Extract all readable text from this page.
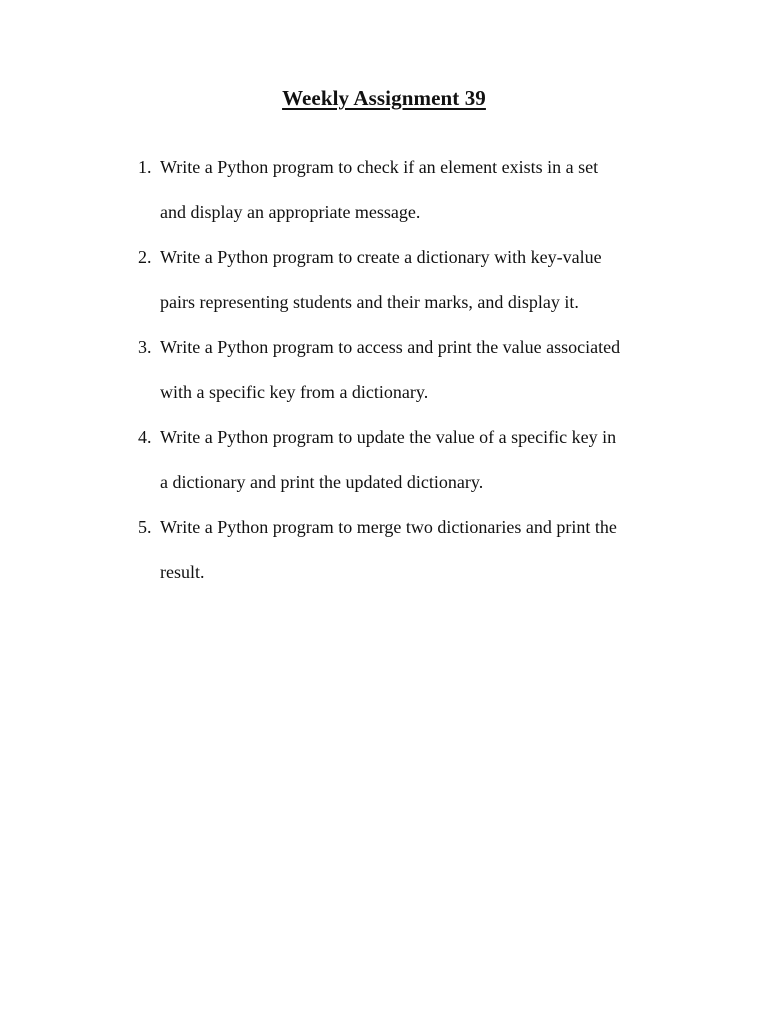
Weekly Assignment 39
1. Write a Python program to check if an element exists in a set
and display an appropriate message.
2. Write a Python program to create a dictionary with key-value
pairs representing students and their marks, and display it.
3. Write a Python program to access and print the value associated
with a specific key from a dictionary.
4. Write a Python program to update the value of a specific key in
a dictionary and print the updated dictionary.
5. Write a Python program to merge two dictionaries and print the
result.
